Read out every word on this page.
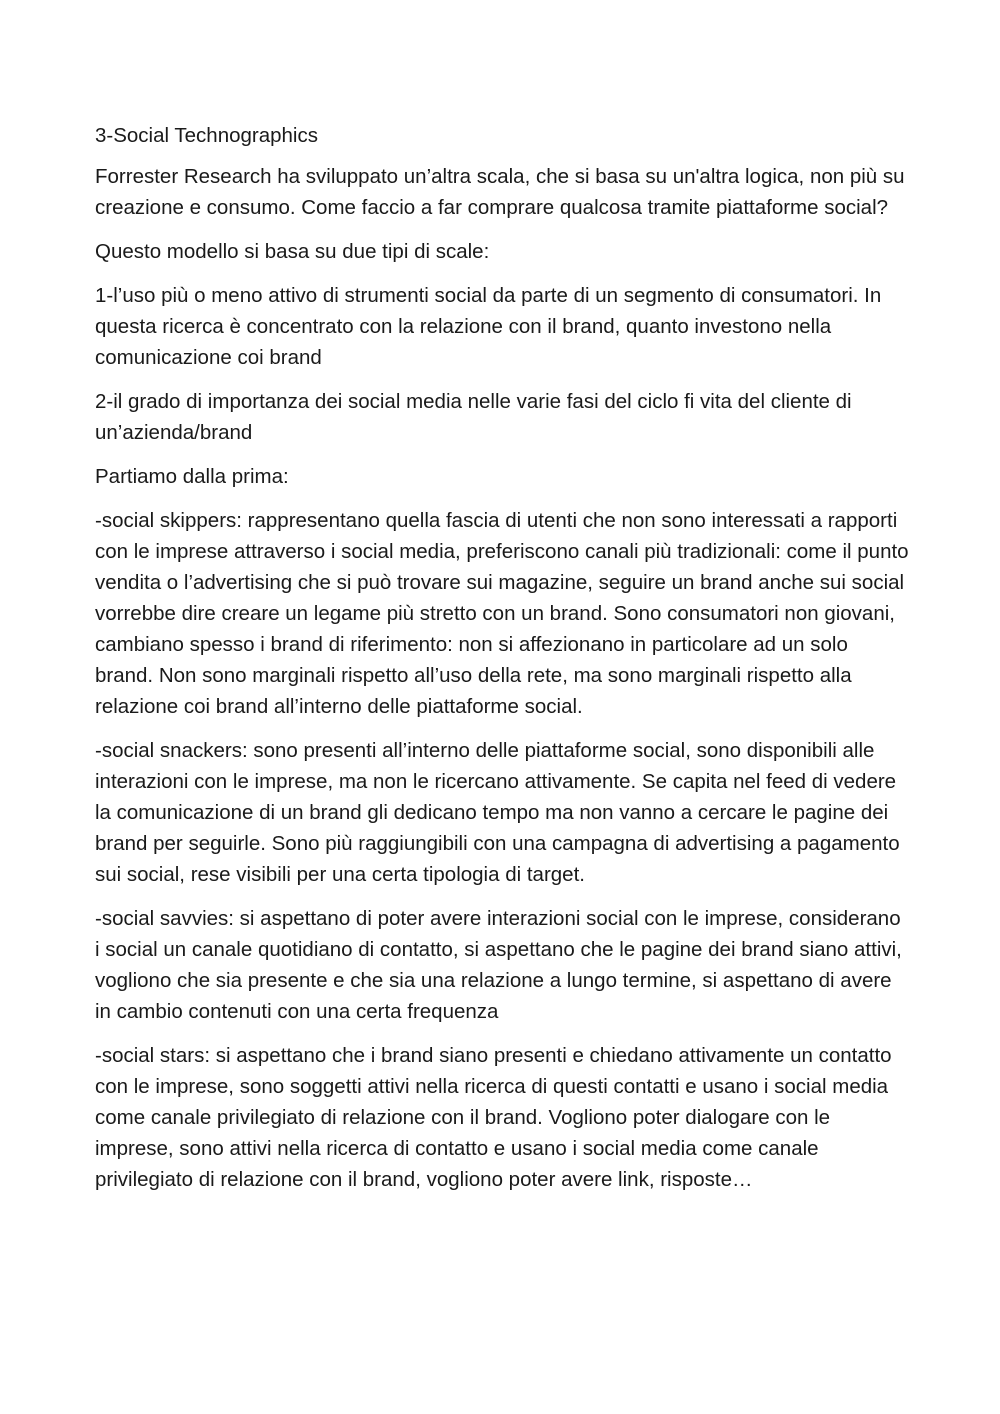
3-Social Technographics

Forrester Research ha sviluppato un’altra scala, che si basa su un'altra logica, non più su creazione e consumo. Come faccio a far comprare qualcosa tramite piattaforme social?

Questo modello si basa su due tipi di scale:

1-l’uso più o meno attivo di strumenti social da parte di un segmento di consumatori. In questa ricerca è concentrato con la relazione con il brand, quanto investono nella comunicazione coi brand

2-il grado di importanza dei social media nelle varie fasi del ciclo fi vita del cliente di un’azienda/brand

Partiamo dalla prima:

-social skippers: rappresentano quella fascia di utenti che non sono interessati a rapporti con le imprese attraverso i social media, preferiscono canali più tradizionali: come il punto vendita o l’advertising che si può trovare sui magazine, seguire un brand anche sui social vorrebbe dire creare un legame più stretto con un brand. Sono consumatori non giovani, cambiano spesso i brand di riferimento: non si affezionano in particolare ad un solo brand. Non sono marginali rispetto all’uso della rete, ma sono marginali rispetto alla relazione coi brand all’interno delle piattaforme social.

-social snackers: sono presenti all’interno delle piattaforme social, sono disponibili alle interazioni con le imprese, ma non le ricercano attivamente. Se capita nel feed di vedere la comunicazione di un brand gli dedicano tempo ma non vanno a cercare le pagine dei brand per seguirle. Sono più raggiungibili con una campagna di advertising a pagamento sui social, rese visibili per una certa tipologia di target.

-social savvies: si aspettano di poter avere interazioni social con le imprese, considerano i social un canale quotidiano di contatto, si aspettano che le pagine dei brand siano attivi, vogliono che sia presente e che sia una relazione a lungo termine, si aspettano di avere in cambio contenuti con una certa frequenza

-social stars: si aspettano che i brand siano presenti e chiedano attivamente un contatto con le imprese, sono soggetti attivi nella ricerca di questi contatti e usano i social media come canale privilegiato di relazione con il brand. Vogliono poter dialogare con le imprese, sono attivi nella ricerca di contatto e usano i social media come canale privilegiato di relazione con il brand, vogliono poter avere link, risposte…
